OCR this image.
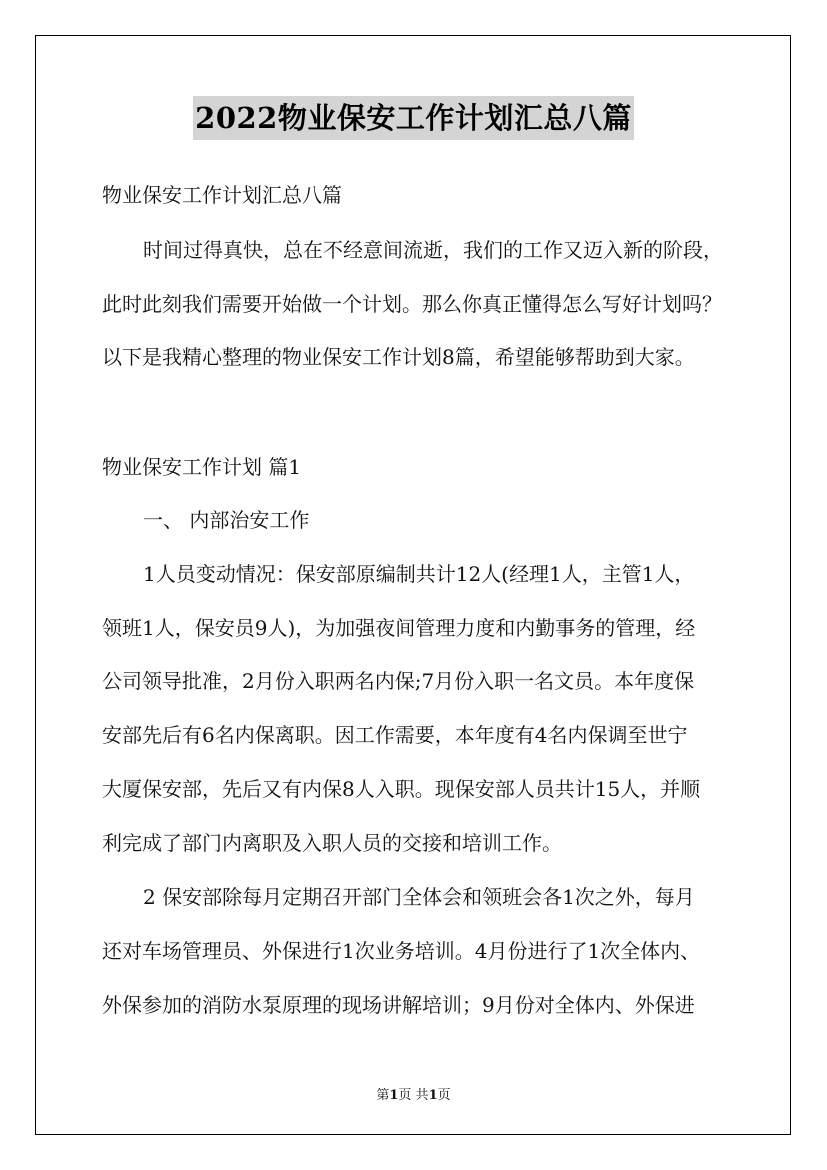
2022物业保安工作计划汇总八篇
物业保安工作计划汇总八篇
时间过得真快，总在不经意间流逝，我们的工作又迈入新的阶段，
此时此刻我们需要开始做一个计划。那么你真正懂得怎么写好计划吗？
以下是我精心整理的物业保安工作计划8篇，希望能够帮助到大家。
物业保安工作计划 篇1
一、 内部治安工作
1人员变动情况：保安部原编制共计12人(经理1人，主管1人，
领班1人，保安员9人)，为加强夜间管理力度和内勤事务的管理，经
公司领导批准，2月份入职两名内保;7月份入职一名文员。本年度保
安部先后有6名内保离职。因工作需要，本年度有4名内保调至世宁
大厦保安部，先后又有内保8人入职。现保安部人员共计15人，并顺
利完成了部门内离职及入职人员的交接和培训工作。
2 保安部除每月定期召开部门全体会和领班会各1次之外，每月
还对车场管理员、外保进行1次业务培训。4月份进行了1次全体内、
外保参加的消防水泵原理的现场讲解培训；9月份对全体内、外保进
第1页 共1页
